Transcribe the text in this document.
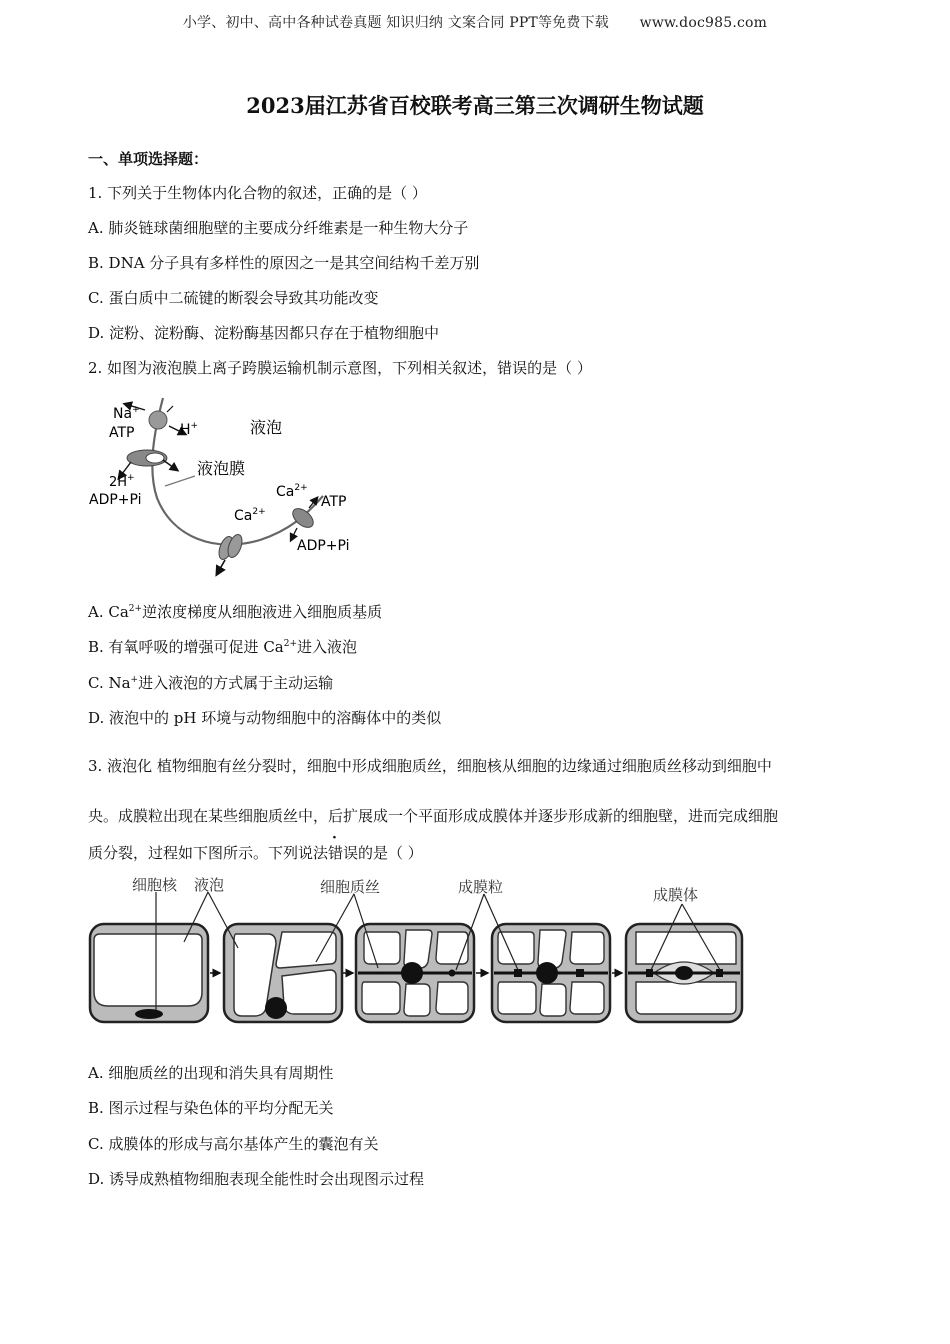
小学、初中、高中各种试卷真题 知识归纳 文案合同 PPT等免费下载 www.doc985.com
2023届江苏省百校联考高三第三次调研生物试题
一、单项选择题：
1. 下列关于生物体内化合物的叙述，正确的是（ ）
A. 肺炎链球菌细胞壁的主要成分纤维素是一种生物大分子
B. DNA 分子具有多样性的原因之一是其空间结构千差万别
C. 蛋白质中二硫键的断裂会导致其功能改变
D. 淀粉、淀粉酶、淀粉酶基因都只存在于植物细胞中
2. 如图为液泡膜上离子跨膜运输机制示意图，下列相关叙述，错误的是（ ）
Na+
ATP	H+	液泡
液泡膜
2H+
ADP+Pi	$Ca^{2+}$
ATP
$Ca^{2+}$
ADP+Pi
A. $Ca^{2+}$逆浓度梯度从细胞液进入细胞质基质
B. 有氧呼吸的增强可促进 $Ca^{2+}$进入液泡
C. Na+进入液泡的方式属于主动运输
D. 液泡中的 pH 环境与动物细胞中的溶酶体中的类似
3. 液泡化 植物细胞有丝分裂时，细胞中形成细胞质丝，细胞核从细胞的边缘通过细胞质丝移动到细胞中
央。成膜粒出现在某些细胞质丝中，后扩展成一个平面形成成膜体并逐步形成新的细胞壁，进而完成细胞
质分裂，过程如下图所示。下列说法错误的是（ ）
细胞核 液泡	细胞质丝	成膜粒	成膜体
A. 细胞质丝的出现和消失具有周期性
B. 图示过程与染色体的平均分配无关
C. 成膜体的形成与高尔基体产生的囊泡有关
D. 诱导成熟植物细胞表现全能性时会出现图示过程
